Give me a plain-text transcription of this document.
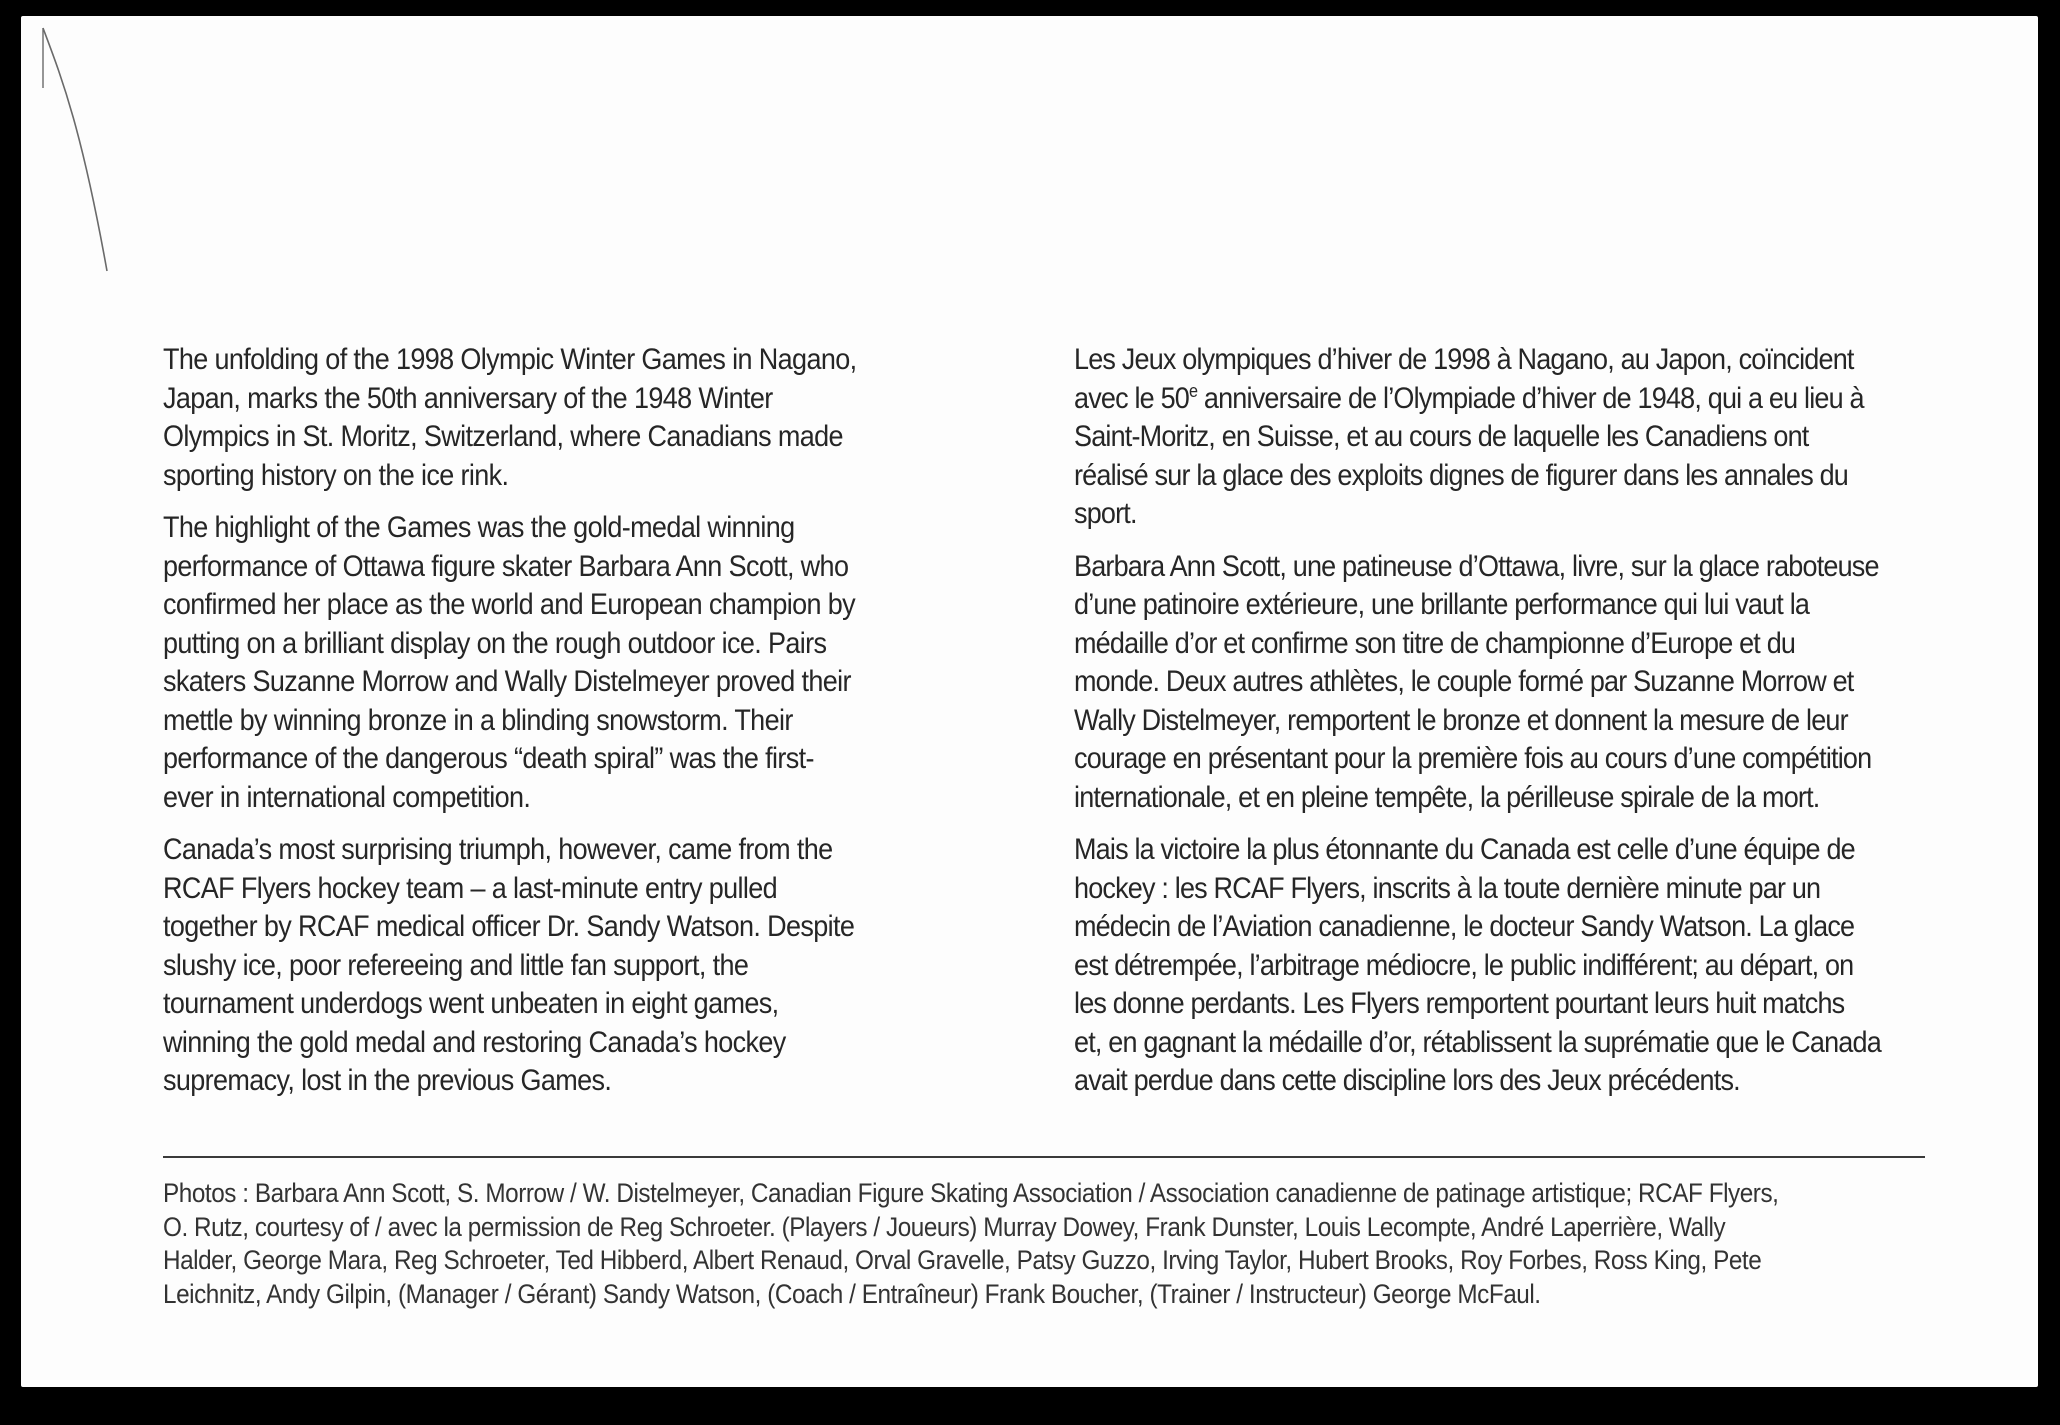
The unfolding of the 1998 Olympic Winter Games in Nagano,
Japan, marks the 50th anniversary of the 1948 Winter
Olympics in St. Moritz, Switzerland, where Canadians made
sporting history on the ice rink.

The highlight of the Games was the gold-medal winning
performance of Ottawa figure skater Barbara Ann Scott, who
confirmed her place as the world and European champion by
putting on a brilliant display on the rough outdoor ice. Pairs
skaters Suzanne Morrow and Wally Distelmeyer proved their
mettle by winning bronze in a blinding snowstorm. Their
performance of the dangerous “death spiral” was the first-
ever in international competition.

Canada’s most surprising triumph, however, came from the
RCAF Flyers hockey team – a last-minute entry pulled
together by RCAF medical officer Dr. Sandy Watson. Despite
slushy ice, poor refereeing and little fan support, the
tournament underdogs went unbeaten in eight games,
winning the gold medal and restoring Canada’s hockey
supremacy, lost in the previous Games.

Les Jeux olympiques d’hiver de 1998 à Nagano, au Japon, coïncident
avec le 50e anniversaire de l’Olympiade d’hiver de 1948, qui a eu lieu à
Saint-Moritz, en Suisse, et au cours de laquelle les Canadiens ont
réalisé sur la glace des exploits dignes de figurer dans les annales du
sport.

Barbara Ann Scott, une patineuse d’Ottawa, livre, sur la glace raboteuse
d’une patinoire extérieure, une brillante performance qui lui vaut la
médaille d’or et confirme son titre de championne d’Europe et du
monde. Deux autres athlètes, le couple formé par Suzanne Morrow et
Wally Distelmeyer, remportent le bronze et donnent la mesure de leur
courage en présentant pour la première fois au cours d’une compétition
internationale, et en pleine tempête, la périlleuse spirale de la mort.

Mais la victoire la plus étonnante du Canada est celle d’une équipe de
hockey : les RCAF Flyers, inscrits à la toute dernière minute par un
médecin de l’Aviation canadienne, le docteur Sandy Watson. La glace
est détrempée, l’arbitrage médiocre, le public indifférent; au départ, on
les donne perdants. Les Flyers remportent pourtant leurs huit matchs
et, en gagnant la médaille d’or, rétablissent la suprématie que le Canada
avait perdue dans cette discipline lors des Jeux précédents.

Photos : Barbara Ann Scott, S. Morrow / W. Distelmeyer, Canadian Figure Skating Association / Association canadienne de patinage artistique; RCAF Flyers,
O. Rutz, courtesy of / avec la permission de Reg Schroeter. (Players / Joueurs) Murray Dowey, Frank Dunster, Louis Lecompte, André Laperrière, Wally
Halder, George Mara, Reg Schroeter, Ted Hibberd, Albert Renaud, Orval Gravelle, Patsy Guzzo, Irving Taylor, Hubert Brooks, Roy Forbes, Ross King, Pete
Leichnitz, Andy Gilpin, (Manager / Gérant) Sandy Watson, (Coach / Entraîneur) Frank Boucher, (Trainer / Instructeur) George McFaul.
